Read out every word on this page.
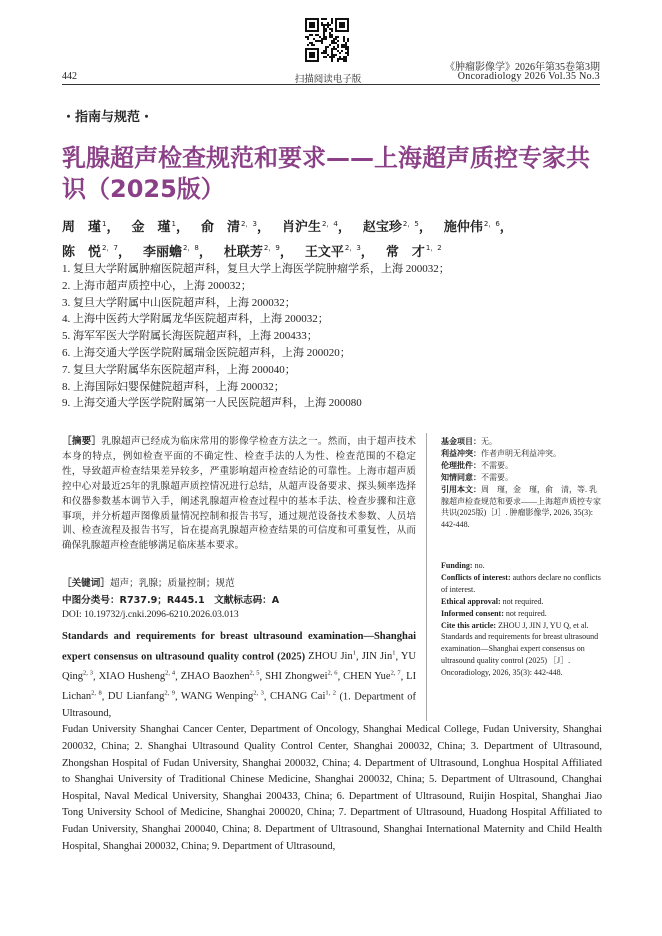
442	扫描阅读电子版
《肿瘤影像学》2026年第35卷第3期
Oncoradiology 2026 Vol.35 No.3
・指南与规范・
乳腺超声检查规范和要求——上海超声质控专家共识（2025版）
周　瑾$^1$， 金　瑾$^1$， 俞　清$^{2,3}$， 肖沪生$^{2,4}$， 赵宝珍$^{2,5}$， 施仲伟$^{2,6}$，陈　悦$^{2,7}$， 李丽蟾$^{2,8}$， 杜联芳$^{2,9}$， 王文平$^{2,3}$， 常　才$^{1,2}$
1. 复旦大学附属肿瘤医院超声科，复旦大学上海医学院肿瘤学系，上海 200032；
2. 上海市超声质控中心，上海 200032；
3. 复旦大学附属中山医院超声科，上海 200032；
4. 上海中医药大学附属龙华医院超声科，上海 200032；
5. 海军军医大学附属长海医院超声科，上海 200433；
6. 上海交通大学医学院附属瑞金医院超声科，上海 200020；
7. 复旦大学附属华东医院超声科，上海 200040；
8. 上海国际妇婴保健院超声科，上海 200032；
9. 上海交通大学医学院附属第一人民医院超声科，上海 200080
［摘要］乳腺超声已经成为临床常用的影像学检查方法之一。然而，由于超声技术本身的特点，例如检查平面的不确定性、检查手法的人为性、检查范围的不稳定性，导致超声检查结果差异较多，严重影响超声检查结论的可靠性。上海市超声质控中心对最近25年的乳腺超声质控情况进行总结，从超声设备要求、探头频率选择和仪器参数基本调节入手，阐述乳腺超声检查过程中的基本手法、检查步骤和注意事项，并分析超声图像质量情况控制和报告书写，通过规范设备技术参数、人员培训、检查流程及报告书写，旨在提高乳腺超声检查结果的可信度和可重复性，从而确保乳腺超声检查能够满足临床基本要求。
［关键词］超声；乳腺；质量控制；规范
中图分类号：R737.9；R445.1　文献标志码：A
DOI: 10.19732/j.cnki.2096-6210.2026.03.013
基金项目：无。
利益冲突：作者声明无利益冲突。
伦理批件：不需要。
知情同意：不需要。
引用本文：周　瑾，金　瑾，俞　清，等. 乳腺超声检查规范和要求——上海超声质控专家共识(2025版)［J］. 肿瘤影像学, 2026, 35(3): 442-448.
Funding: no.
Conflicts of interest: authors declare no conflicts of interest.
Ethical approval: not required.
Informed consent: not required.
Cite this article: ZHOU J, JIN J, YU Q, et al. Standards and requirements for breast ultrasound examination—Shanghai expert consensus on ultrasound quality control (2025) ［J］. Oncoradiology, 2026, 35(3): 442-448.
Standards and requirements for breast ultrasound examination—Shanghai expert consensus on ultrasound quality control (2025) ZHOU Jin$^1$, JIN Jin$^1$, YU Qing$^{2, 3}$, XIAO Husheng$^{2, 4}$, ZHAO Baozhen$^{2, 5}$, SHI Zhongwei$^{2, 6}$, CHEN Yue$^{2, 7}$, LI Lichan$^{2, 8}$, DU Lianfang$^{2, 9}$, WANG Wenping$^{2, 3}$, CHANG Cai$^{1, 2}$ (1. Department of Ultrasound,
Fudan University Shanghai Cancer Center, Department of Oncology, Shanghai Medical College, Fudan University, Shanghai 200032, China; 2. Shanghai Ultrasound Quality Control Center, Shanghai 200032, China; 3. Department of Ultrasound, Zhongshan Hospital of Fudan University, Shanghai 200032, China; 4. Department of Ultrasound, Longhua Hospital Affiliated to Shanghai University of Traditional Chinese Medicine, Shanghai 200032, China; 5. Department of Ultrasound, Changhai Hospital, Naval Medical University, Shanghai 200433, China; 6. Department of Ultrasound, Ruijin Hospital, Shanghai Jiao Tong University School of Medicine, Shanghai 200020, China; 7. Department of Ultrasound, Huadong Hospital Affiliated to Fudan University, Shanghai 200040, China; 8. Department of Ultrasound, Shanghai International Maternity and Child Health Hospital, Shanghai 200032, China; 9. Department of Ultrasound,
